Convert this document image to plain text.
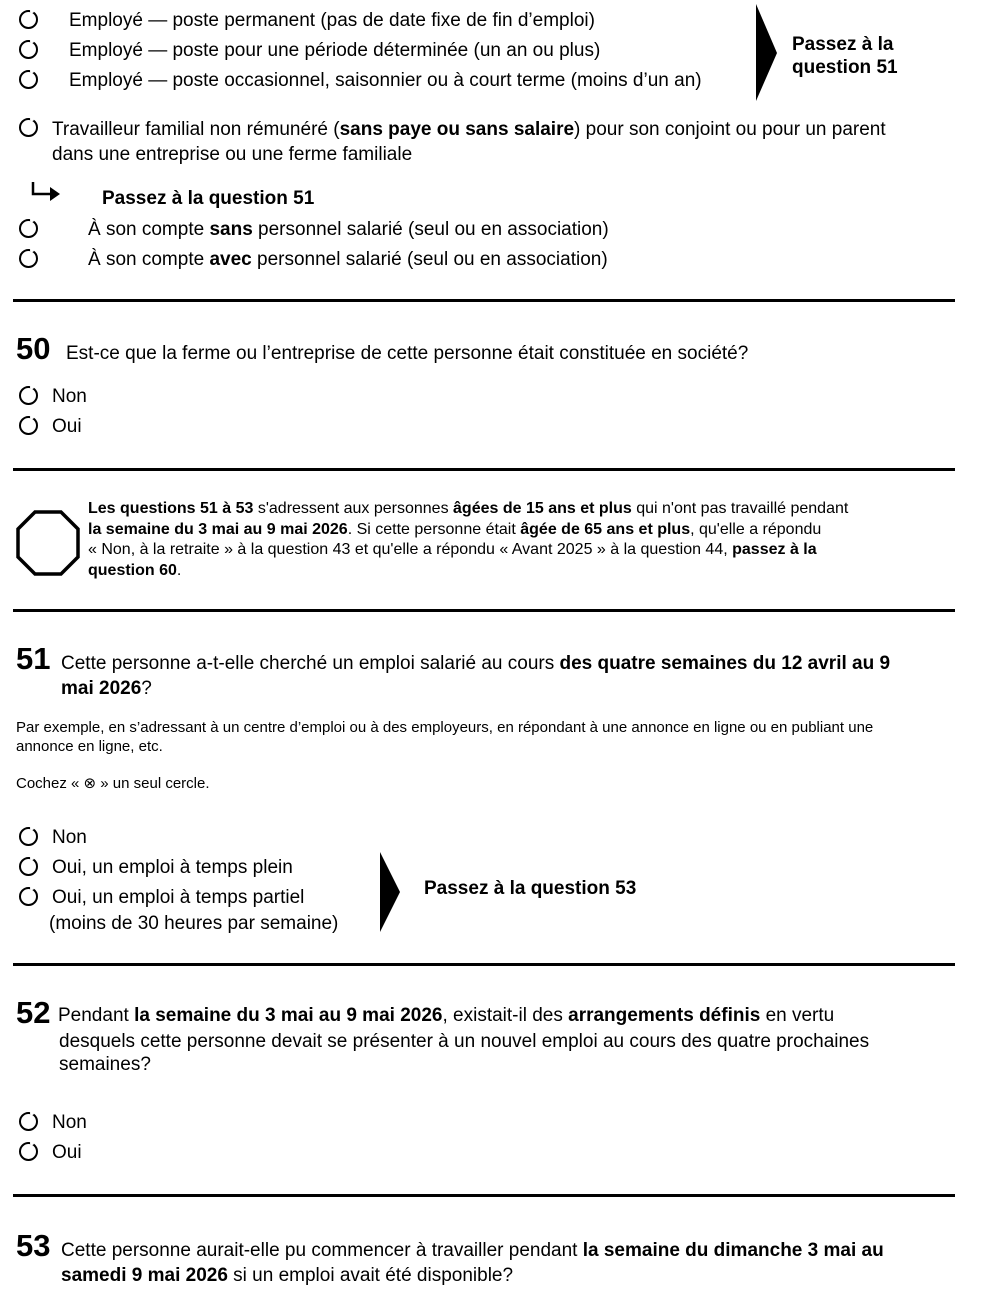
Employé — poste permanent (pas de date fixe de fin d’emploi)
Employé — poste pour une période déterminée (un an ou plus)
Employé — poste occasionnel, saisonnier ou à court terme (moins d’un an)
Passez à la
question 51
Travailleur familial non rémunéré (sans paye ou sans salaire) pour son conjoint ou pour un parent
dans une entreprise ou une ferme familiale
Passez à la question 51
À son compte sans personnel salarié (seul ou en association)
À son compte avec personnel salarié (seul ou en association)
50 Est-ce que la ferme ou l’entreprise de cette personne était constituée en société?
Non
Oui
Les questions 51 à 53 s'adressent aux personnes âgées de 15 ans et plus qui n'ont pas travaillé pendant
la semaine du 3 mai au 9 mai 2026. Si cette personne était âgée de 65 ans et plus, qu'elle a répondu
« Non, à la retraite » à la question 43 et qu'elle a répondu « Avant 2025 » à la question 44, passez à la
question 60.
51 Cette personne a-t-elle cherché un emploi salarié au cours des quatre semaines du 12 avril au 9
mai 2026?
Par exemple, en s’adressant à un centre d’emploi ou à des employeurs, en répondant à une annonce en ligne ou en publiant une
annonce en ligne, etc.
Cochez « ⊗ » un seul cercle.
Non
Oui, un emploi à temps plein
Oui, un emploi à temps partiel
(moins de 30 heures par semaine)
Passez à la question 53
52 Pendant la semaine du 3 mai au 9 mai 2026, existait-il des arrangements définis en vertu
desquels cette personne devait se présenter à un nouvel emploi au cours des quatre prochaines
semaines?
Non
Oui
53 Cette personne aurait-elle pu commencer à travailler pendant la semaine du dimanche 3 mai au
samedi 9 mai 2026 si un emploi avait été disponible?
